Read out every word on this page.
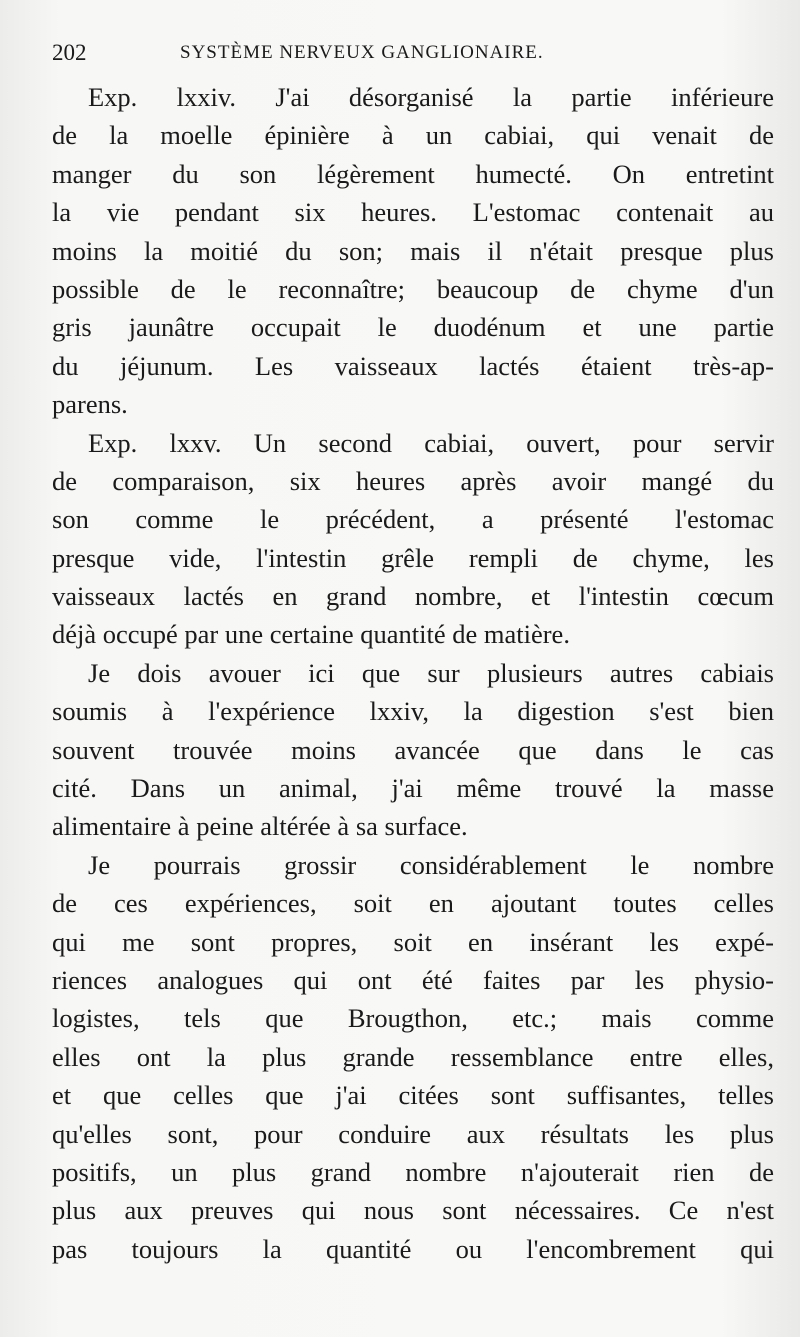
202	SYSTÈME NERVEUX GANGLIONAIRE.
Exp. lxxiv. J'ai désorganisé la partie inférieure
de la moelle épinière à un cabiai, qui venait de
manger du son légèrement humecté. On entretint
la vie pendant six heures. L'estomac contenait au
moins la moitié du son; mais il n'était presque plus
possible de le reconnaître; beaucoup de chyme d'un
gris jaunâtre occupait le duodénum et une partie
du jéjunum. Les vaisseaux lactés étaient très-ap-
parens.
Exp. lxxv. Un second cabiai, ouvert, pour servir
de comparaison, six heures après avoir mangé du
son comme le précédent, a présenté l'estomac
presque vide, l'intestin grêle rempli de chyme, les
vaisseaux lactés en grand nombre, et l'intestin cœcum
déjà occupé par une certaine quantité de matière.
Je dois avouer ici que sur plusieurs autres cabiais
soumis à l'expérience lxxiv, la digestion s'est bien
souvent trouvée moins avancée que dans le cas
cité. Dans un animal, j'ai même trouvé la masse
alimentaire à peine altérée à sa surface.
Je pourrais grossir considérablement le nombre
de ces expériences, soit en ajoutant toutes celles
qui me sont propres, soit en insérant les expé-
riences analogues qui ont été faites par les physio-
logistes, tels que Brougthon, etc.; mais comme
elles ont la plus grande ressemblance entre elles,
et que celles que j'ai citées sont suffisantes, telles
qu'elles sont, pour conduire aux résultats les plus
positifs, un plus grand nombre n'ajouterait rien de
plus aux preuves qui nous sont nécessaires. Ce n'est
pas toujours la quantité ou l'encombrement qui
